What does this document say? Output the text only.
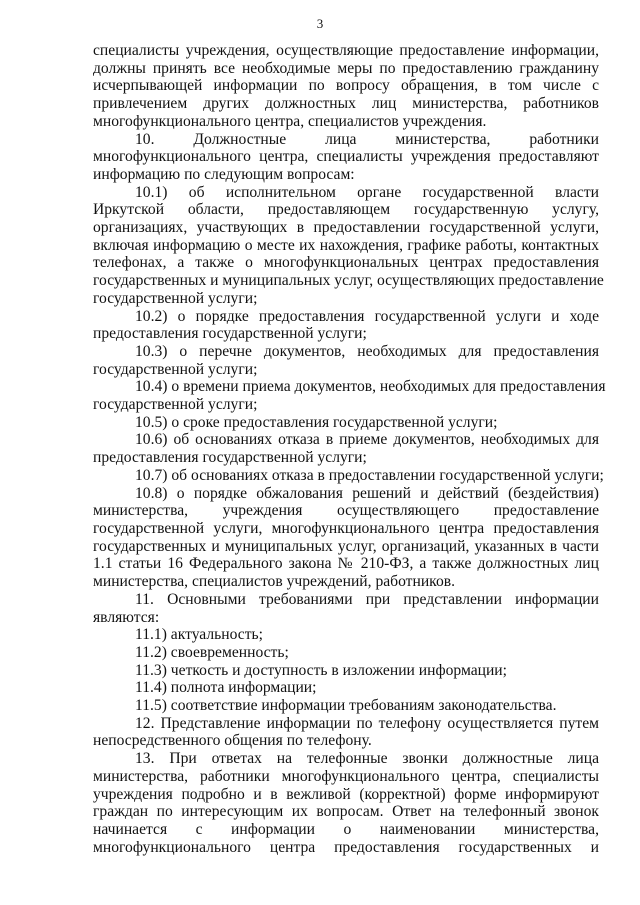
3
специалисты учреждения, осуществляющие предоставление информации,
должны принять все необходимые меры по предоставлению гражданину
исчерпывающей информации по вопросу обращения, в том числе с
привлечением других должностных лиц министерства, работников
многофункционального центра, специалистов учреждения.
10. Должностные лица министерства, работники
многофункционального центра, специалисты учреждения предоставляют
информацию по следующим вопросам:
10.1) об исполнительном органе государственной власти
Иркутской области, предоставляющем государственную услугу,
организациях, участвующих в предоставлении государственной услуги,
включая информацию о месте их нахождения, графике работы, контактных
телефонах, а также о многофункциональных центрах предоставления
государственных и муниципальных услуг, осуществляющих предоставление
государственной услуги;
10.2) о порядке предоставления государственной услуги и ходе
предоставления государственной услуги;
10.3) о перечне документов, необходимых для предоставления
государственной услуги;
10.4) о времени приема документов, необходимых для предоставления
государственной услуги;
10.5) о сроке предоставления государственной услуги;
10.6) об основаниях отказа в приеме документов, необходимых для
предоставления государственной услуги;
10.7) об основаниях отказа в предоставлении государственной услуги;
10.8) о порядке обжалования решений и действий (бездействия)
министерства, учреждения осуществляющего предоставление
государственной услуги, многофункционального центра предоставления
государственных и муниципальных услуг, организаций, указанных в части
1.1 статьи 16 Федерального закона № 210-ФЗ, а также должностных лиц
министерства, специалистов учреждений, работников.
11. Основными требованиями при представлении информации
являются:
11.1) актуальность;
11.2) своевременность;
11.3) четкость и доступность в изложении информации;
11.4) полнота информации;
11.5) соответствие информации требованиям законодательства.
12. Представление информации по телефону осуществляется путем
непосредственного общения по телефону.
13. При ответах на телефонные звонки должностные лица
министерства, работники многофункционального центра, специалисты
учреждения подробно и в вежливой (корректной) форме информируют
граждан по интересующим их вопросам. Ответ на телефонный звонок
начинается с информации о наименовании министерства,
многофункционального центра предоставления государственных и
